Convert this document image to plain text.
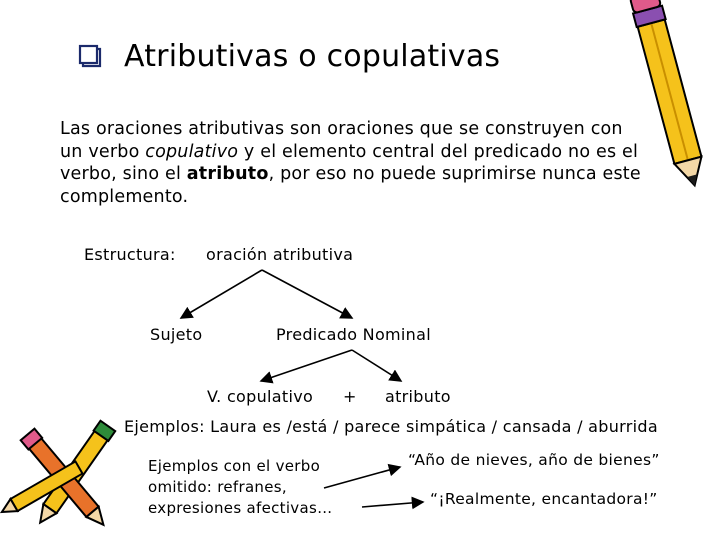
Atributivas o copulativas
Las oraciones atributivas son oraciones que se construyen con un verbo copulativo y el elemento central del predicado no es el verbo, sino el atributo, por eso no puede suprimirse nunca este complemento.
Estructura: oración atributiva
Sujeto	Predicado Nominal
V. copulativo + atributo
Ejemplos: Laura es /está / parece simpática / cansada / aburrida
Ejemplos con el verbo
omitido: refranes,
expresiones afectivas…
“Año de nieves, año de bienes”
“¡Realmente, encantadora!”
